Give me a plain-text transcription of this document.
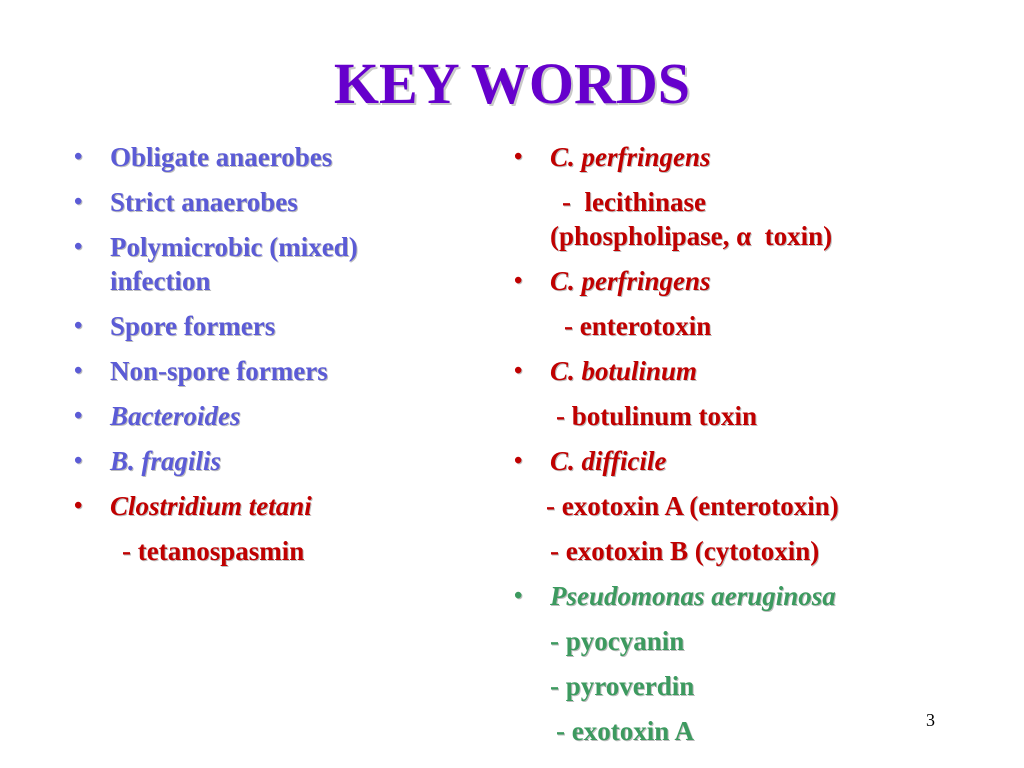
KEY WORDS
• Obligate anaerobes
• Strict anaerobes
• Polymicrobic (mixed)
infection
• Spore formers
• Non-spore formers
• Bacteroides
• B. fragilis
• Clostridium tetani
- tetanospasmin
• C. perfringens
-  lecithinase
(phospholipase, α  toxin)
• C. perfringens
- enterotoxin
• C. botulinum
- botulinum toxin
• C. difficile
- exotoxin A (enterotoxin)
- exotoxin B (cytotoxin)
• Pseudomonas aeruginosa
- pyocyanin
- pyroverdin
- exotoxin A	3
